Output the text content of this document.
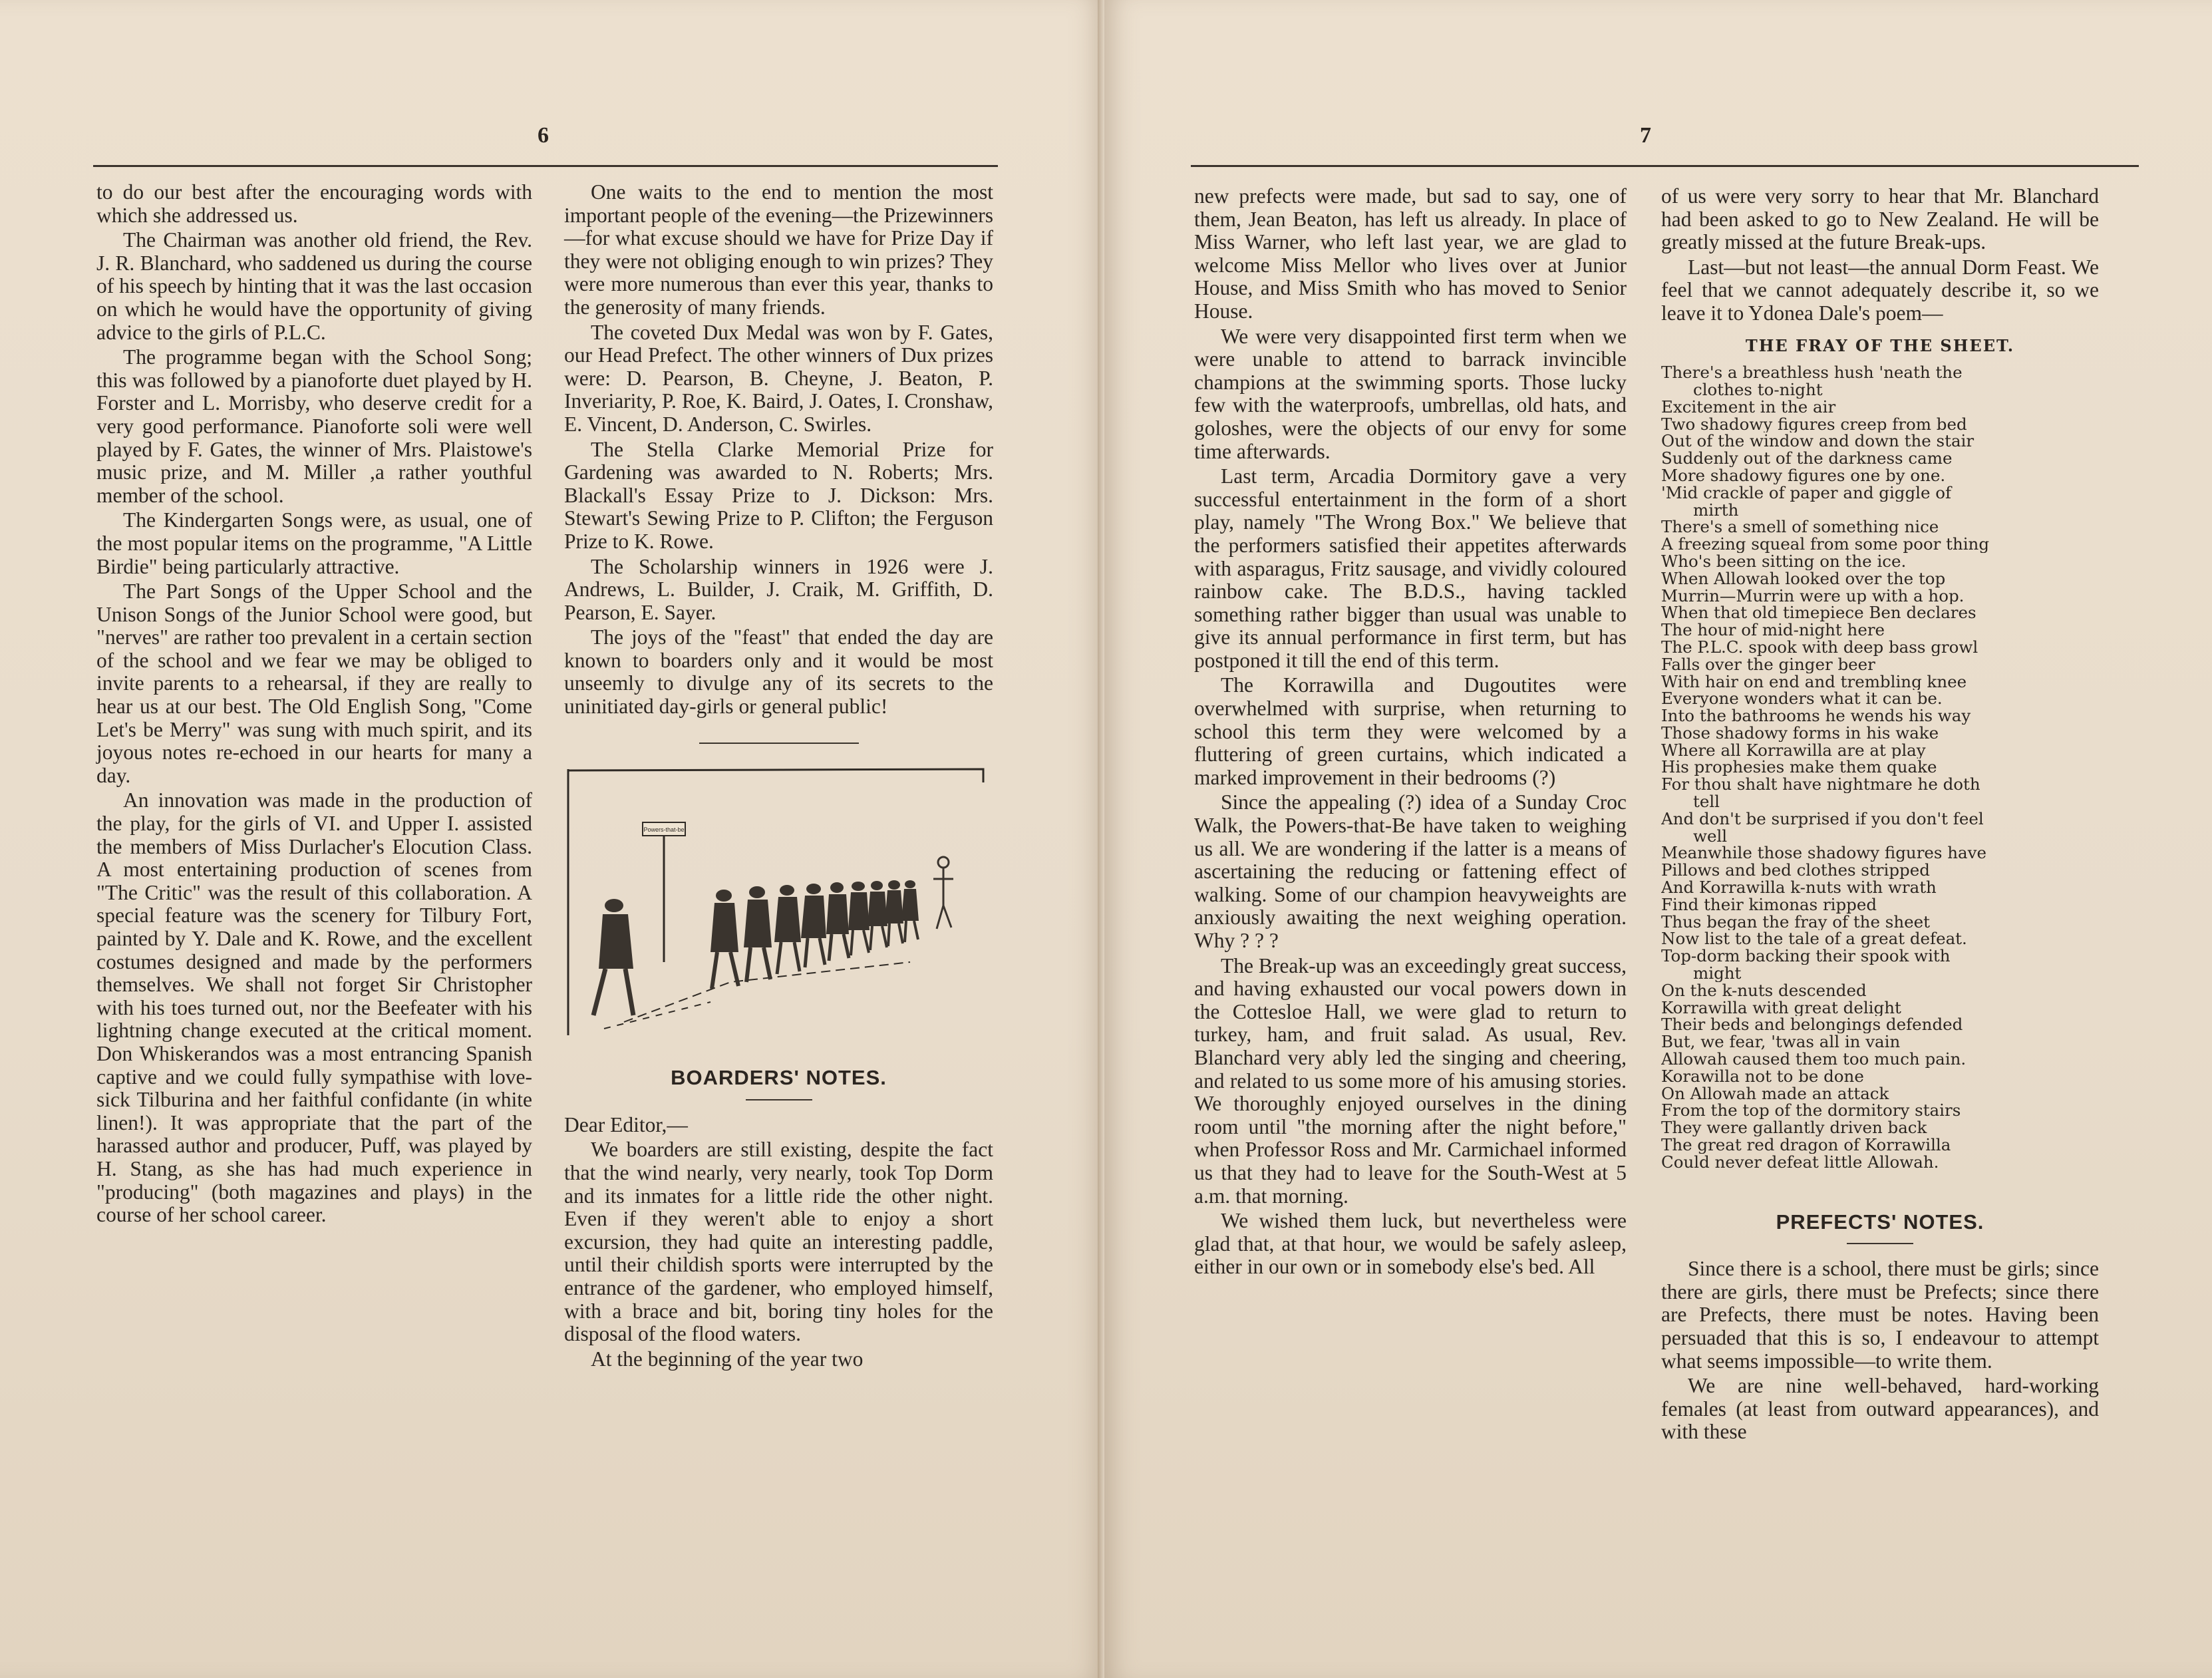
6

to do our best after the encouraging words with which she addressed us.

The Chairman was another old friend, the Rev. J. R. Blanchard, who saddened us during the course of his speech by hinting that it was the last occasion on which he would have the opportunity of giving advice to the girls of P.L.C.

The programme began with the School Song; this was followed by a pianoforte duet played by H. Forster and L. Morrisby, who deserve credit for a very good performance. Pianoforte soli were well played by F. Gates, the winner of Mrs. Plaistowe's music prize, and M. Miller ,a rather youthful member of the school.

The Kindergarten Songs were, as usual, one of the most popular items on the programme, "A Little Birdie" being particularly attractive.

The Part Songs of the Upper School and the Unison Songs of the Junior School were good, but "nerves" are rather too prevalent in a certain section of the school and we fear we may be obliged to invite parents to a rehearsal, if they are really to hear us at our best. The Old English Song, "Come Let's be Merry" was sung with much spirit, and its joyous notes re-echoed in our hearts for many a day.

An innovation was made in the production of the play, for the girls of VI. and Upper I. assisted the members of Miss Durlacher's Elocution Class. A most entertaining production of scenes from "The Critic" was the result of this collaboration. A special feature was the scenery for Tilbury Fort, painted by Y. Dale and K. Rowe, and the excellent costumes designed and made by the performers themselves. We shall not forget Sir Christopher with his toes turned out, nor the Beefeater with his lightning change executed at the critical moment. Don Whiskerandos was a most entrancing Spanish captive and we could fully sympathise with love-sick Tilburina and her faithful confidante (in white linen!). It was appropriate that the part of the harassed author and producer, Puff, was played by H. Stang, as she has had much experience in "producing" (both magazines and plays) in the course of her school career.

One waits to the end to mention the most important people of the evening—the Prizewinners—for what excuse should we have for Prize Day if they were not obliging enough to win prizes? They were more numerous than ever this year, thanks to the generosity of many friends.

The coveted Dux Medal was won by F. Gates, our Head Prefect. The other winners of Dux prizes were: D. Pearson, B. Cheyne, J. Beaton, P. Inveriarity, P. Roe, K. Baird, J. Oates, I. Cronshaw, E. Vincent, D. Anderson, C. Swirles.

The Stella Clarke Memorial Prize for Gardening was awarded to N. Roberts; Mrs. Blackall's Essay Prize to J. Dickson: Mrs. Stewart's Sewing Prize to P. Clifton; the Ferguson Prize to K. Rowe.

The Scholarship winners in 1926 were J. Andrews, L. Builder, J. Craik, M. Griffith, D. Pearson, E. Sayer.

The joys of the "feast" that ended the day are known to boarders only and it would be most unseemly to divulge any of its secrets to the uninitiated day-girls or general public!

Powers-that-be
BOARDERS' NOTES.

Dear Editor,—

We boarders are still existing, despite the fact that the wind nearly, very nearly, took Top Dorm and its inmates for a little ride the other night. Even if they weren't able to enjoy a short excursion, they had quite an interesting paddle, until their childish sports were interrupted by the entrance of the gardener, who employed himself, with a brace and bit, boring tiny holes for the disposal of the flood waters.

At the beginning of the year two

7

new prefects were made, but sad to say, one of them, Jean Beaton, has left us already. In place of Miss Warner, who left last year, we are glad to welcome Miss Mellor who lives over at Junior House, and Miss Smith who has moved to Senior House.

We were very disappointed first term when we were unable to attend to barrack invincible champions at the swimming sports. Those lucky few with the waterproofs, umbrellas, old hats, and goloshes, were the objects of our envy for some time afterwards.

Last term, Arcadia Dormitory gave a very successful entertainment in the form of a short play, namely "The Wrong Box." We believe that the performers satisfied their appetites afterwards with asparagus, Fritz sausage, and vividly coloured rainbow cake. The B.D.S., having tackled something rather bigger than usual was unable to give its annual performance in first term, but has postponed it till the end of this term.

The Korrawilla and Dugoutites were overwhelmed with surprise, when returning to school this term they were welcomed by a fluttering of green curtains, which indicated a marked improvement in their bedrooms (?)

Since the appealing (?) idea of a Sunday Croc Walk, the Powers-that-Be have taken to weighing us all. We are wondering if the latter is a means of ascertaining the reducing or fattening effect of walking. Some of our champion heavyweights are anxiously awaiting the next weighing operation. Why ? ? ?

The Break-up was an exceedingly great success, and having exhausted our vocal powers down in the Cottesloe Hall, we were glad to return to turkey, ham, and fruit salad. As usual, Rev. Blanchard very ably led the singing and cheering, and related to us some more of his amusing stories. We thoroughly enjoyed ourselves in the dining room until "the morning after the night before," when Professor Ross and Mr. Carmichael informed us that they had to leave for the South-West at 5 a.m. that morning.

We wished them luck, but nevertheless were glad that, at that hour, we would be safely asleep, either in our own or in somebody else's bed. All

of us were very sorry to hear that Mr. Blanchard had been asked to go to New Zealand. He will be greatly missed at the future Break-ups.

Last—but not least—the annual Dorm Feast. We feel that we cannot adequately describe it, so we leave it to Ydonea Dale's poem—

THE FRAY OF THE SHEET.
There's a breathless hush 'neath the
clothes to-night
Excitement in the air
Two shadowy figures creep from bed
Out of the window and down the stair
Suddenly out of the darkness came
More shadowy figures one by one.
'Mid crackle of paper and giggle of
mirth
There's a smell of something nice
A freezing squeal from some poor thing
Who's been sitting on the ice.
When Allowah looked over the top
Murrin—Murrin were up with a hop.
When that old timepiece Ben declares
The hour of mid-night here
The P.L.C. spook with deep bass growl
Falls over the ginger beer
With hair on end and trembling knee
Everyone wonders what it can be.
Into the bathrooms he wends his way
Those shadowy forms in his wake
Where all Korrawilla are at play
His prophesies make them quake
For thou shalt have nightmare he doth
tell
And don't be surprised if you don't feel
well
Meanwhile those shadowy figures have
Pillows and bed clothes stripped
And Korrawilla k-nuts with wrath
Find their kimonas ripped
Thus began the fray of the sheet
Now list to the tale of a great defeat.
Top-dorm backing their spook with
might
On the k-nuts descended
Korrawilla with great delight
Their beds and belongings defended
But, we fear, 'twas all in vain
Allowah caused them too much pain.
Korawilla not to be done
On Allowah made an attack
From the top of the dormitory stairs
They were gallantly driven back
The great red dragon of Korrawilla
Could never defeat little Allowah.
PREFECTS' NOTES.

Since there is a school, there must be girls; since there are girls, there must be Prefects; since there are Prefects, there must be notes. Having been persuaded that this is so, I endeavour to attempt what seems impossible—to write them.

We are nine well-behaved, hard-working females (at least from outward appearances), and with these
